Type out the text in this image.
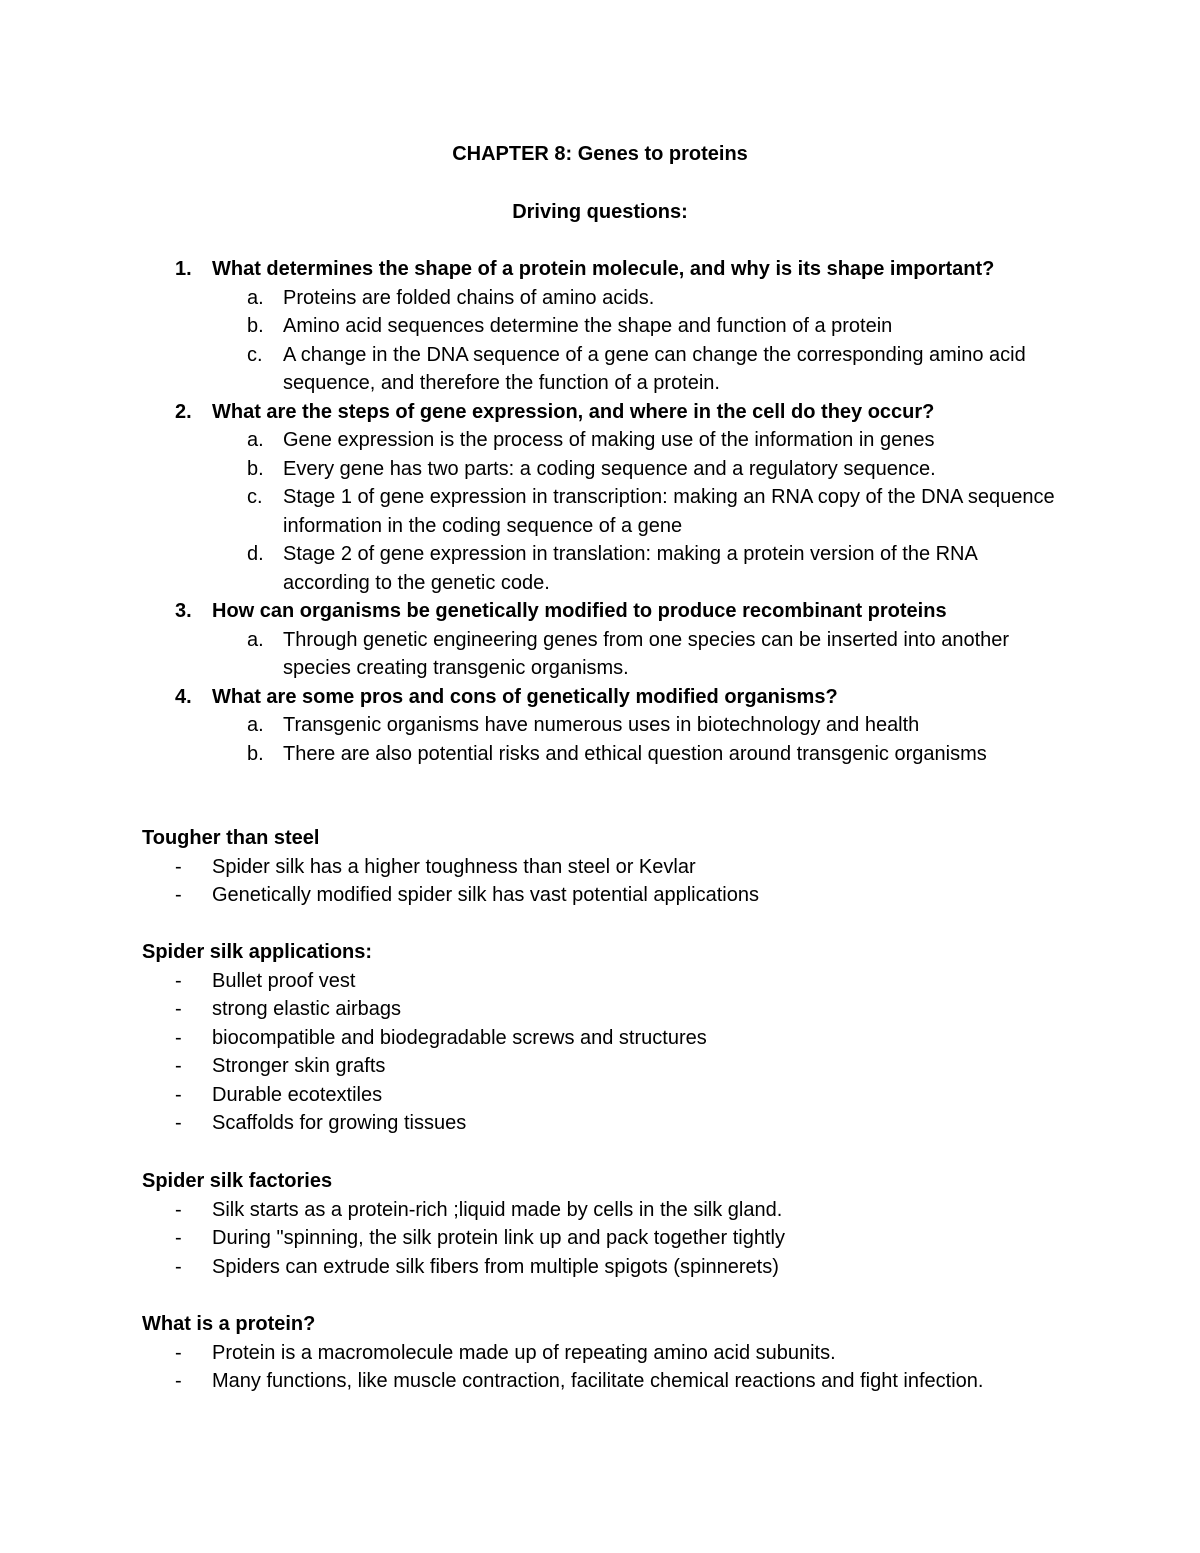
CHAPTER 8: Genes to proteins
Driving questions:
1. What determines the shape of a protein molecule, and why is its shape important?
a. Proteins are folded chains of amino acids.
b. Amino acid sequences determine the shape and function of a protein
c. A change in the DNA sequence of a gene can change the corresponding amino acid sequence, and therefore the function of a protein.
2. What are the steps of gene expression, and where in the cell do they occur?
a. Gene expression is the process of making use of the information in genes
b. Every gene has two parts: a coding sequence and a regulatory sequence.
c. Stage 1 of gene expression in transcription: making an RNA copy of the DNA sequence information in the coding sequence of a gene
d. Stage 2 of gene expression in translation: making a protein version of the RNA according to the genetic code.
3. How can organisms be genetically modified to produce recombinant proteins
a. Through genetic engineering genes from one species can be inserted into another species creating transgenic organisms.
4. What are some pros and cons of genetically modified organisms?
a. Transgenic organisms have numerous uses in biotechnology and health
b. There are also potential risks and ethical question around transgenic organisms
Tougher than steel
- Spider silk has a higher toughness than steel or Kevlar
- Genetically modified spider silk has vast potential applications
Spider silk applications:
- Bullet proof vest
- strong elastic airbags
- biocompatible and biodegradable screws and structures
- Stronger skin grafts
- Durable ecotextiles
- Scaffolds for growing tissues
Spider silk factories
- Silk starts as a protein-rich ;liquid made by cells in the silk gland.
- During "spinning, the silk protein link up and pack together tightly
- Spiders can extrude silk fibers from multiple spigots (spinnerets)
What is a protein?
- Protein is a macromolecule made up of repeating amino acid subunits.
- Many functions, like muscle contraction, facilitate chemical reactions and fight infection.
